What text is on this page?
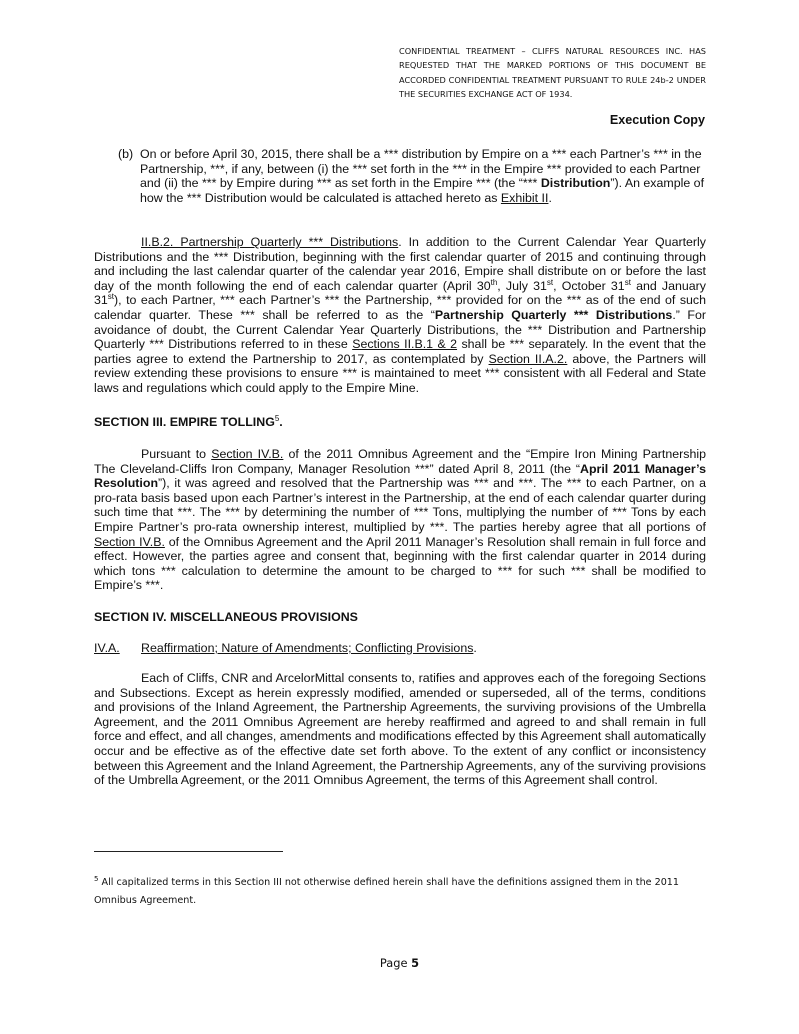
CONFIDENTIAL TREATMENT – CLIFFS NATURAL RESOURCES INC. HAS REQUESTED THAT THE MARKED PORTIONS OF THIS DOCUMENT BE ACCORDED CONFIDENTIAL TREATMENT PURSUANT TO RULE 24b-2 UNDER THE SECURITIES EXCHANGE ACT OF 1934.
Execution Copy
(b) On or before April 30, 2015, there shall be a *** distribution by Empire on a *** each Partner’s *** in the Partnership, ***, if any, between (i) the *** set forth in the *** in the Empire *** provided to each Partner and (ii) the *** by Empire during *** as set forth in the Empire *** (the “*** Distribution”). An example of how the *** Distribution would be calculated is attached hereto as Exhibit II.

II.B.2. Partnership Quarterly *** Distributions. In addition to the Current Calendar Year Quarterly Distributions and the *** Distribution, beginning with the first calendar quarter of 2015 and continuing through and including the last calendar quarter of the calendar year 2016, Empire shall distribute on or before the last day of the month following the end of each calendar quarter (April 30th, July 31st, October 31st and January 31st), to each Partner, *** each Partner’s *** the Partnership, *** provided for on the *** as of the end of such calendar quarter. These *** shall be referred to as the “Partnership Quarterly *** Distributions.” For avoidance of doubt, the Current Calendar Year Quarterly Distributions, the *** Distribution and Partnership Quarterly *** Distributions referred to in these Sections II.B.1 & 2 shall be *** separately. In the event that the parties agree to extend the Partnership to 2017, as contemplated by Section II.A.2. above, the Partners will review extending these provisions to ensure *** is maintained to meet *** consistent with all Federal and State laws and regulations which could apply to the Empire Mine.

SECTION III. EMPIRE TOLLING$^5$.

Pursuant to Section IV.B. of the 2011 Omnibus Agreement and the “Empire Iron Mining Partnership The Cleveland-Cliffs Iron Company, Manager Resolution ***” dated April 8, 2011 (the “April 2011 Manager’s Resolution”), it was agreed and resolved that the Partnership was *** and ***. The *** to each Partner, on a pro-rata basis based upon each Partner’s interest in the Partnership, at the end of each calendar quarter during such time that ***. The *** by determining the number of *** Tons, multiplying the number of *** Tons by each Empire Partner’s pro-rata ownership interest, multiplied by ***. The parties hereby agree that all portions of Section IV.B. of the Omnibus Agreement and the April 2011 Manager’s Resolution shall remain in full force and effect. However, the parties agree and consent that, beginning with the first calendar quarter in 2014 during which tons *** calculation to determine the amount to be charged to *** for such *** shall be modified to Empire’s ***.

SECTION IV. MISCELLANEOUS PROVISIONS
IV.A. Reaffirmation; Nature of Amendments; Conflicting Provisions.

Each of Cliffs, CNR and ArcelorMittal consents to, ratifies and approves each of the foregoing Sections and Subsections. Except as herein expressly modified, amended or superseded, all of the terms, conditions and provisions of the Inland Agreement, the Partnership Agreements, the surviving provisions of the Umbrella Agreement, and the 2011 Omnibus Agreement are hereby reaffirmed and agreed to and shall remain in full force and effect, and all changes, amendments and modifications effected by this Agreement shall automatically occur and be effective as of the effective date set forth above. To the extent of any conflict or inconsistency between this Agreement and the Inland Agreement, the Partnership Agreements, any of the surviving provisions of the Umbrella Agreement, or the 2011 Omnibus Agreement, the terms of this Agreement shall control.

$^5$ All capitalized terms in this Section III not otherwise defined herein shall have the definitions assigned them in the 2011 Omnibus Agreement.
Page 5
